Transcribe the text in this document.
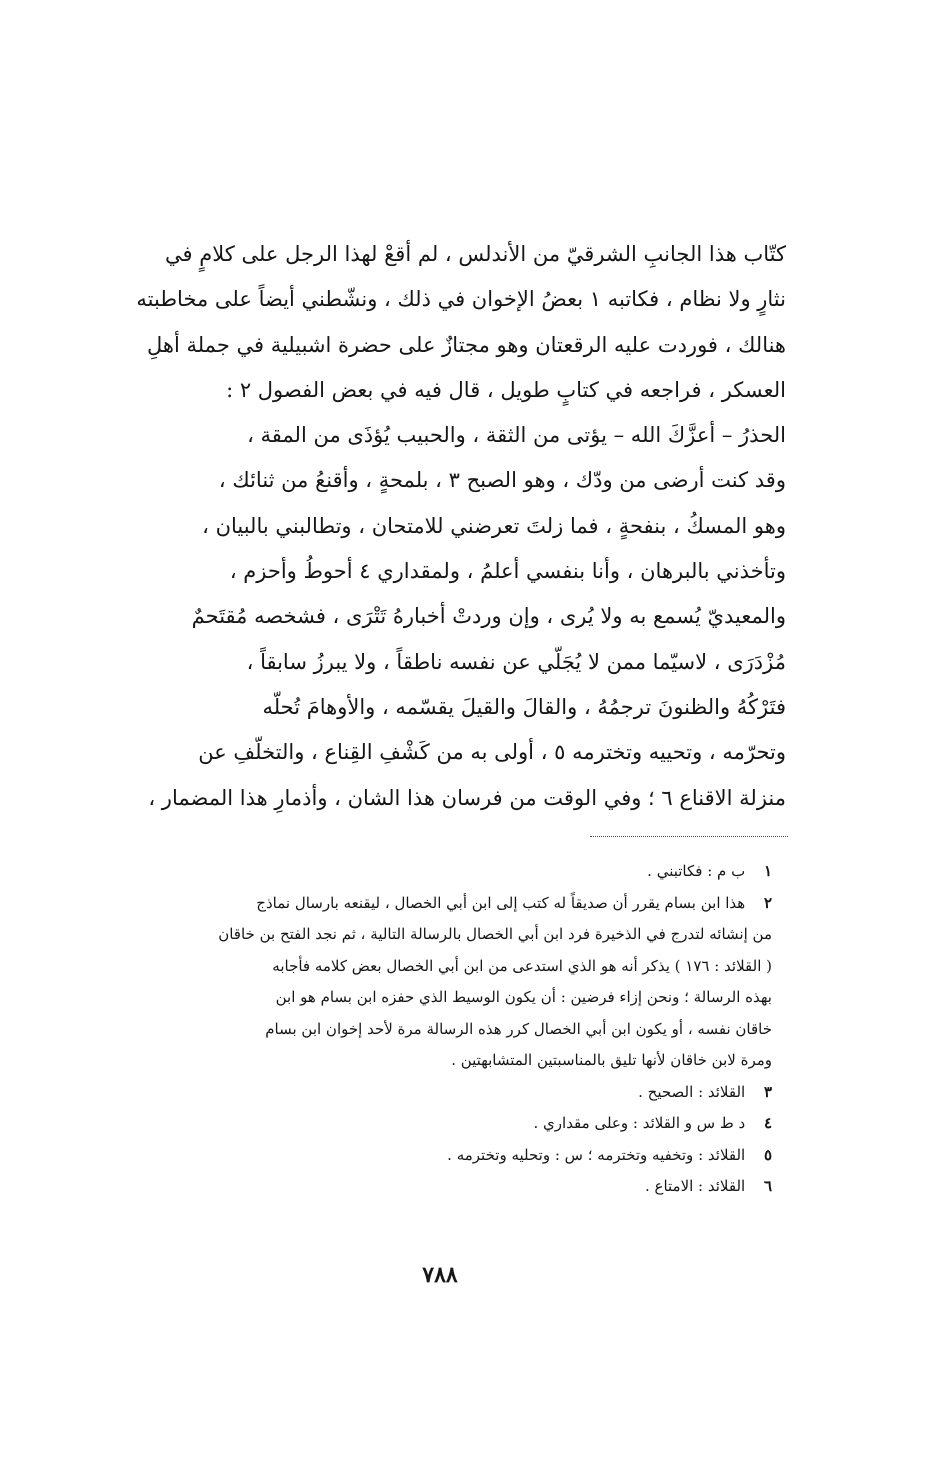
كتّاب هذا الجانبِ الشرقيّ من الأندلس ، لم أقعْ لهذا الرجل على كلامٍ في
نثارٍ ولا نظام ، فكاتبه ١ بعضُ الإخوان في ذلك ، ونشّطني أيضاً على مخاطبته
هنالك ، فوردت عليه الرقعتان وهو مجتازٌ على حضرة اشبيلية في جملة أهلِ
العسكر ، فراجعه في كتابٍ طويل ، قال فيه في بعض الفصول ٢ :
الحذرُ – أعزَّكَ الله – يؤتى من الثقة ، والحبيب يُؤذَى من المقة ،
وقد كنت أرضى من ودّك ، وهو الصبح ٣ ، بلمحةٍ ، وأقنعُ من ثنائك ،
وهو المسكُ ، بنفحةٍ ، فما زلتَ تعرضني للامتحان ، وتطالبني بالبيان ،
وتأخذني بالبرهان ، وأنا بنفسي أعلمُ ، ولمقداري ٤ أحوطُ وأحزم ،
والمعيديّ يُسمع به ولا يُرى ، وإن وردتْ أخبارهُ تَتْرَى ، فشخصه مُقتَحمٌ
مُزْدَرَى ، لاسيّما ممن لا يُجَلّي عن نفسه ناطقاً ، ولا يبرزُ سابقاً ،
فتَرْكُهُ والظنونَ ترجمُهُ ، والقالَ والقيلَ يقسّمه ، والأوهامَ تُحلّه
وتحرّمه ، وتحييه وتخترمه ٥ ، أولى به من كَشْفِ القِناع ، والتخلّفِ عن
منزلة الاقناع ٦ ؛ وفي الوقت من فرسان هذا الشان ، وأذمارِ هذا المضمار ،
١ ب م : فكاتبني .
٢ هذا ابن بسام يقرر أن صديقاً له كتب إلى ابن أبي الخصال ، ليقنعه بارسال نماذج
من إنشائه لتدرج في الذخيرة فرد ابن أبي الخصال بالرسالة التالية ، ثم نجد الفتح بن خاقان
( القلائد : ١٧٦ ) يذكر أنه هو الذي استدعى من ابن أبي الخصال بعض كلامه فأجابه
بهذه الرسالة ؛ ونحن إزاء فرضين : أن يكون الوسيط الذي حفزه ابن بسام هو ابن
خاقان نفسه ، أو يكون ابن أبي الخصال كرر هذه الرسالة مرة لأحد إخوان ابن بسام
ومرة لابن خاقان لأنها تليق بالمناسبتين المتشابهتين .
٣ القلائد : الصحيح .
٤ د ط س و القلائد : وعلى مقداري .
٥ القلائد : وتخفيه وتخترمه ؛ س : وتحليه وتخترمه .
٦ القلائد : الامتاع .
٧٨٨
